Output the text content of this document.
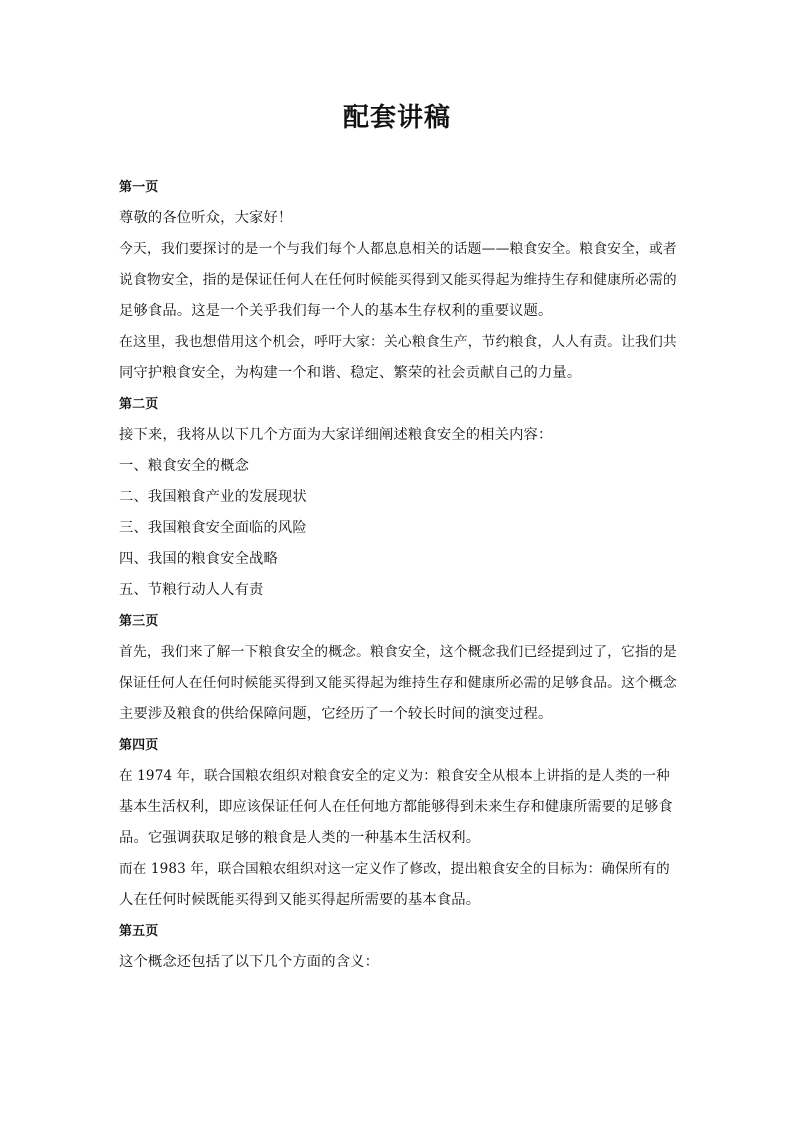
配套讲稿
第一页
尊敬的各位听众，大家好！
今天，我们要探讨的是一个与我们每个人都息息相关的话题——粮食安全。粮食安全，或者
说食物安全，指的是保证任何人在任何时候能买得到又能买得起为维持生存和健康所必需的
足够食品。这是一个关乎我们每一个人的基本生存权利的重要议题。
在这里，我也想借用这个机会，呼吁大家：关心粮食生产，节约粮食，人人有责。让我们共
同守护粮食安全，为构建一个和谐、稳定、繁荣的社会贡献自己的力量。
第二页
接下来，我将从以下几个方面为大家详细阐述粮食安全的相关内容：
一、粮食安全的概念
二、我国粮食产业的发展现状
三、我国粮食安全面临的风险
四、我国的粮食安全战略
五、节粮行动人人有责
第三页
首先，我们来了解一下粮食安全的概念。粮食安全，这个概念我们已经提到过了，它指的是
保证任何人在任何时候能买得到又能买得起为维持生存和健康所必需的足够食品。这个概念
主要涉及粮食的供给保障问题，它经历了一个较长时间的演变过程。
第四页
在 1974 年，联合国粮农组织对粮食安全的定义为：粮食安全从根本上讲指的是人类的一种
基本生活权利，即应该保证任何人在任何地方都能够得到未来生存和健康所需要的足够食
品。它强调获取足够的粮食是人类的一种基本生活权利。
而在 1983 年，联合国粮农组织对这一定义作了修改，提出粮食安全的目标为：确保所有的
人在任何时候既能买得到又能买得起所需要的基本食品。
第五页
这个概念还包括了以下几个方面的含义：
